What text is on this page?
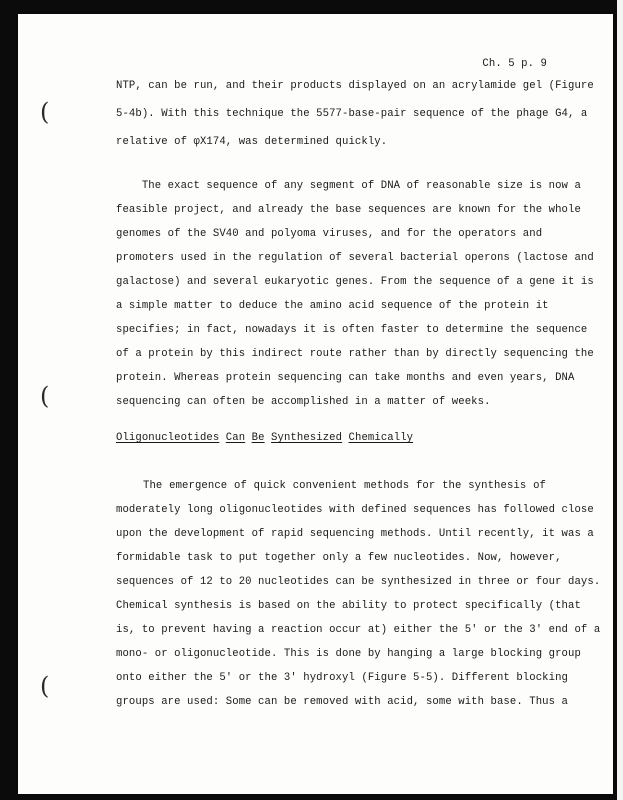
Ch. 5 p. 9
NTP, can be run, and their products displayed on an acrylamide gel (Figure
5-4b). With this technique the 5577-base-pair sequence of the phage G4, a
relative of φX174, was determined quickly.
The exact sequence of any segment of DNA of reasonable size is now a
feasible project, and already the base sequences are known for the whole
genomes of the SV40 and polyoma viruses, and for the operators and
promoters used in the regulation of several bacterial operons (lactose and
galactose) and several eukaryotic genes. From the sequence of a gene it is
a simple matter to deduce the amino acid sequence of the protein it
specifies; in fact, nowadays it is often faster to determine the sequence
of a protein by this indirect route rather than by directly sequencing the
protein. Whereas protein sequencing can take months and even years, DNA
sequencing can often be accomplished in a matter of weeks.
Oligonucleotides Can Be Synthesized Chemically
The emergence of quick convenient methods for the synthesis of
moderately long oligonucleotides with defined sequences has followed close
upon the development of rapid sequencing methods. Until recently, it was a
formidable task to put together only a few nucleotides. Now, however,
sequences of 12 to 20 nucleotides can be synthesized in three or four days.
Chemical synthesis is based on the ability to protect specifically (that
is, to prevent having a reaction occur at) either the 5′ or the 3′ end of a
mono- or oligonucleotide. This is done by hanging a large blocking group
onto either the 5′ or the 3′ hydroxyl (Figure 5-5). Different blocking
groups are used: Some can be removed with acid, some with base. Thus a
(
(
(
